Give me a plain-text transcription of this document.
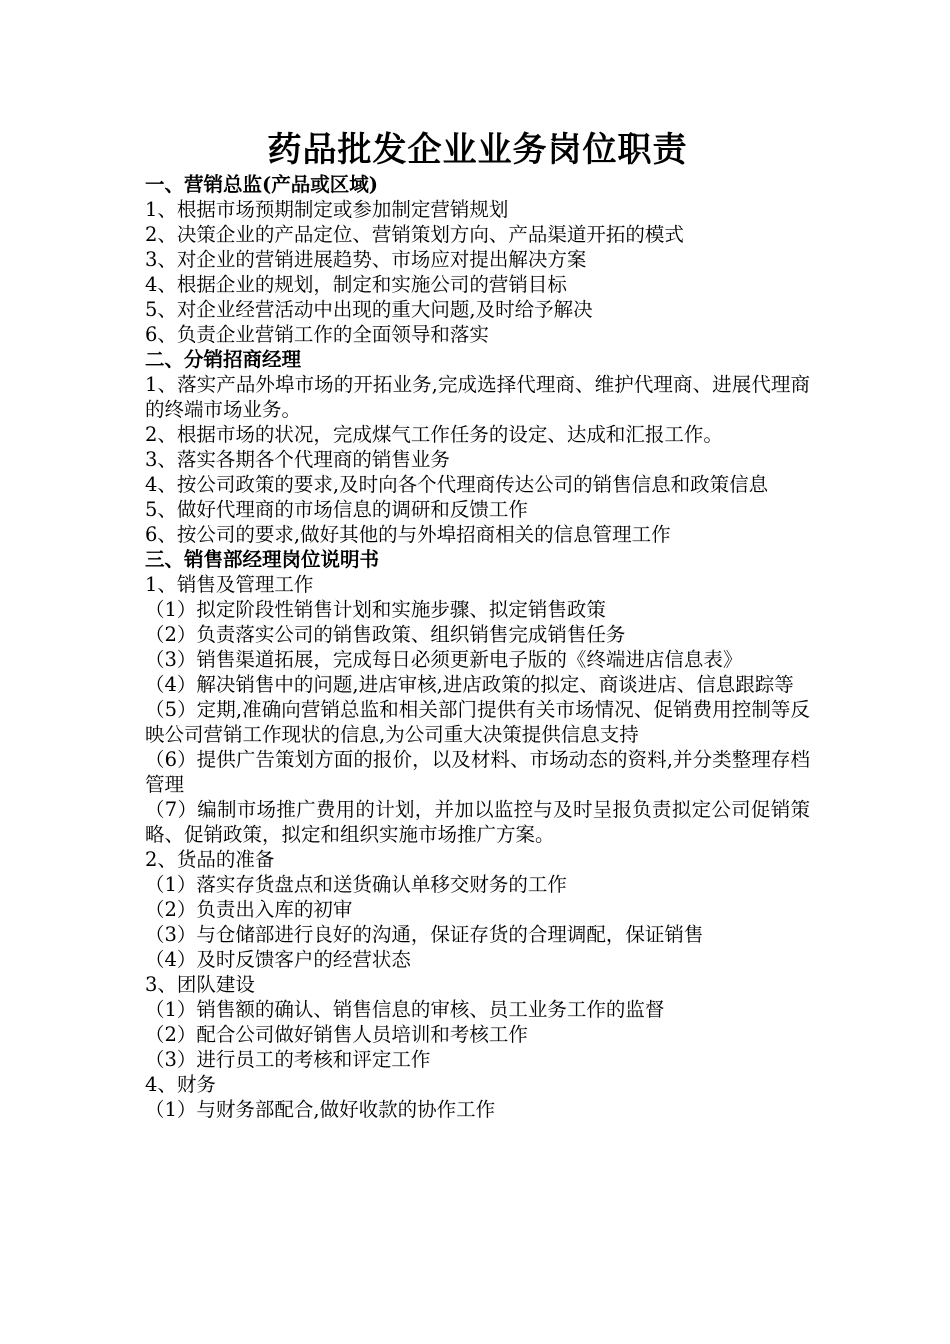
药品批发企业业务岗位职责

一、营销总监(产品或区域)

1、根据市场预期制定或参加制定营销规划

2、决策企业的产品定位、营销策划方向、产品渠道开拓的模式

3、对企业的营销进展趋势、市场应对提出解决方案

4、根据企业的规划，制定和实施公司的营销目标

5、对企业经营活动中出现的重大问题,及时给予解决

6、负责企业营销工作的全面领导和落实

二、分销招商经理

1、落实产品外埠市场的开拓业务,完成选择代理商、维护代理商、进展代理商的终端市场业务。

2、根据市场的状况，完成煤气工作任务的设定、达成和汇报工作。

3、落实各期各个代理商的销售业务

4、按公司政策的要求,及时向各个代理商传达公司的销售信息和政策信息

5、做好代理商的市场信息的调研和反馈工作

6、按公司的要求,做好其他的与外埠招商相关的信息管理工作

三、销售部经理岗位说明书

1、销售及管理工作

（1）拟定阶段性销售计划和实施步骤、拟定销售政策

（2）负责落实公司的销售政策、组织销售完成销售任务

（3）销售渠道拓展，完成每日必须更新电子版的《终端进店信息表》

（4）解决销售中的问题,进店审核,进店政策的拟定、商谈进店、信息跟踪等

（5）定期,准确向营销总监和相关部门提供有关市场情况、促销费用控制等反映公司营销工作现状的信息,为公司重大决策提供信息支持

（6）提供广告策划方面的报价，以及材料、市场动态的资料,并分类整理存档管理

（7）编制市场推广费用的计划，并加以监控与及时呈报负责拟定公司促销策略、促销政策，拟定和组织实施市场推广方案。

2、货品的准备

（1）落实存货盘点和送货确认单移交财务的工作

（2）负责出入库的初审

（3）与仓储部进行良好的沟通，保证存货的合理调配，保证销售

（4）及时反馈客户的经营状态

3、团队建设

（1）销售额的确认、销售信息的审核、员工业务工作的监督

（2）配合公司做好销售人员培训和考核工作

（3）进行员工的考核和评定工作

4、财务

（1）与财务部配合,做好收款的协作工作
